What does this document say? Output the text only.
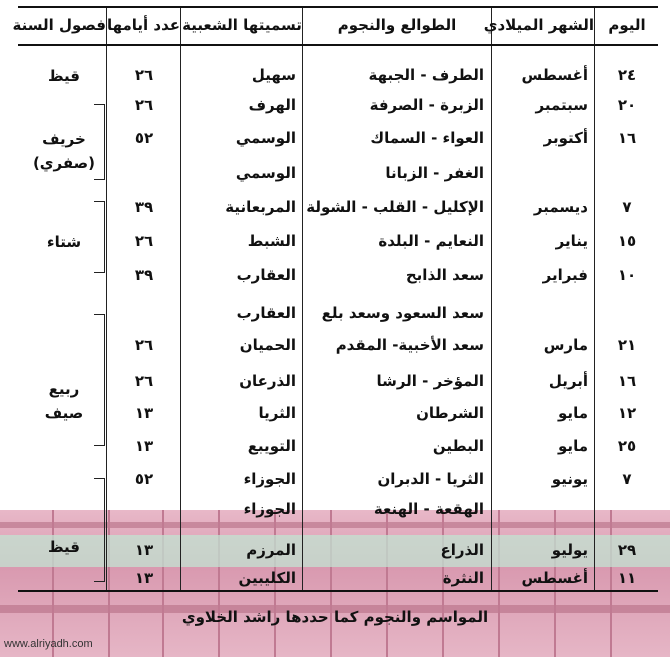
اليوم
الشهر الميلادي
الطوالع والنجوم
تسميتها الشعبية
عدد أيامها
فصول السنة
٢٤
أغسطس
الطرف - الجبهة
سهيل
٢٦
٢٠
سبتمبر
الزبرة - الصرفة
الهرف
٢٦
١٦
أكتوبر
العواء - السماك
الوسمي
٥٢
الغفر - الزبانا
الوسمي
٧
ديسمبر
الإكليل - القلب - الشولة
المربعانية
٣٩
١٥
يناير
النعايم - البلدة
الشبط
٢٦
١٠
فبراير
سعد الذابح
العقارب
٣٩
سعد السعود وسعد بلع
العقارب
٢١
مارس
سعد الأخبية- المقدم
الحميان
٢٦
١٦
أبريل
المؤخر - الرشا
الذرعان
٢٦
١٢
مايو
الشرطان
الثريا
١٣
٢٥
مايو
البطين
التويبع
١٣
٧
يونيو
الثريا - الدبران
الجوزاء
٥٢
الهقعة - الهنعة
الجوزاء
٢٩
يوليو
الذراع
المرزم
١٣
١١
أغسطس
النثرة
الكليبين
١٣
قيظ
خريف
(صفري)
شتاء
ربيع
صيف
قيظ
المواسم والنجوم كما حددها راشد الخلاوي
www.alriyadh.com
